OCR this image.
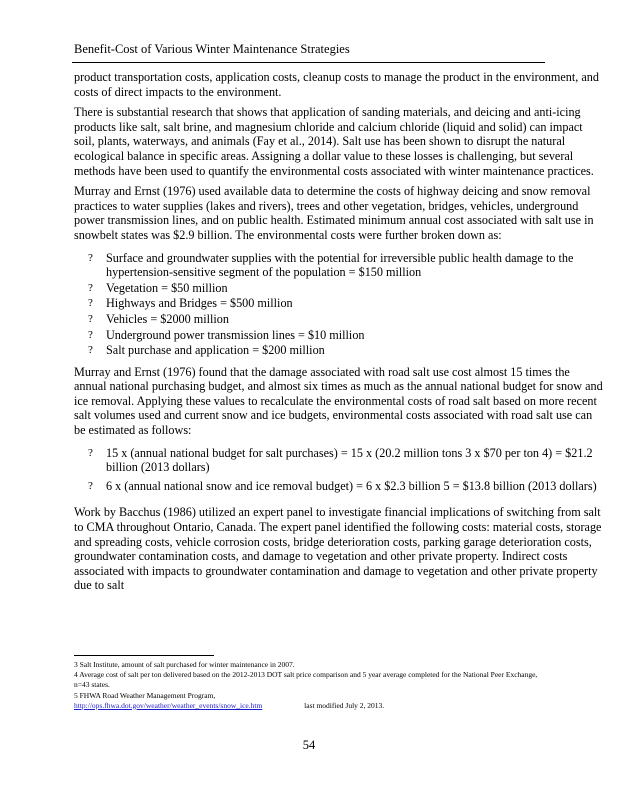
Benefit-Cost of Various Winter Maintenance Strategies

product transportation costs, application costs, cleanup costs to manage the product in the environment, and costs of direct impacts to the environment.

There is substantial research that shows that application of sanding materials, and deicing and anti-icing products like salt, salt brine, and magnesium chloride and calcium chloride (liquid and solid) can impact soil, plants, waterways, and animals (Fay et al., 2014). Salt use has been shown to disrupt the natural ecological balance in specific areas. Assigning a dollar value to these losses is challenging, but several methods have been used to quantify the environmental costs associated with winter maintenance practices.

Murray and Ernst (1976) used available data to determine the costs of highway deicing and snow removal practices to water supplies (lakes and rivers), trees and other vegetation, bridges, vehicles, underground power transmission lines, and on public health. Estimated minimum annual cost associated with salt use in snowbelt states was $2.9 billion. The environmental costs were further broken down as:

? Surface and groundwater supplies with the potential for irreversible public health damage to the hypertension-sensitive segment of the population = $150 million
? Vegetation = $50 million
? Highways and Bridges = $500 million
? Vehicles = $2000 million
? Underground power transmission lines = $10 million
? Salt purchase and application = $200 million

Murray and Ernst (1976) found that the damage associated with road salt use cost almost 15 times the annual national purchasing budget, and almost six times as much as the annual national budget for snow and ice removal. Applying these values to recalculate the environmental costs of road salt based on more recent salt volumes used and current snow and ice budgets, environmental costs associated with road salt use can be estimated as follows:

? 15 x (annual national budget for salt purchases) = 15 x (20.2 million tons 3 x $70 per ton 4) = $21.2 billion (2013 dollars)
? 6 x (annual national snow and ice removal budget) = 6 x $2.3 billion 5 = $13.8 billion (2013 dollars)

Work by Bacchus (1986) utilized an expert panel to investigate financial implications of switching from salt to CMA throughout Ontario, Canada. The expert panel identified the following costs: material costs, storage and spreading costs, vehicle corrosion costs, bridge deterioration costs, parking garage deterioration costs, groundwater contamination costs, and damage to vegetation and other private property. Indirect costs associated with impacts to groundwater contamination and damage to vegetation and other private property due to salt

3 Salt Institute, amount of salt purchased for winter maintenance in 2007.
4 Average cost of salt per ton delivered based on the 2012-2013 DOT salt price comparison and 5 year average completed for the National Peer Exchange, n=43 states.
5 FHWA Road Weather Management Program,
http://ops.fhwa.dot.gov/weather/weather_events/snow_ice.htm	last modified July 2, 2013.
54
